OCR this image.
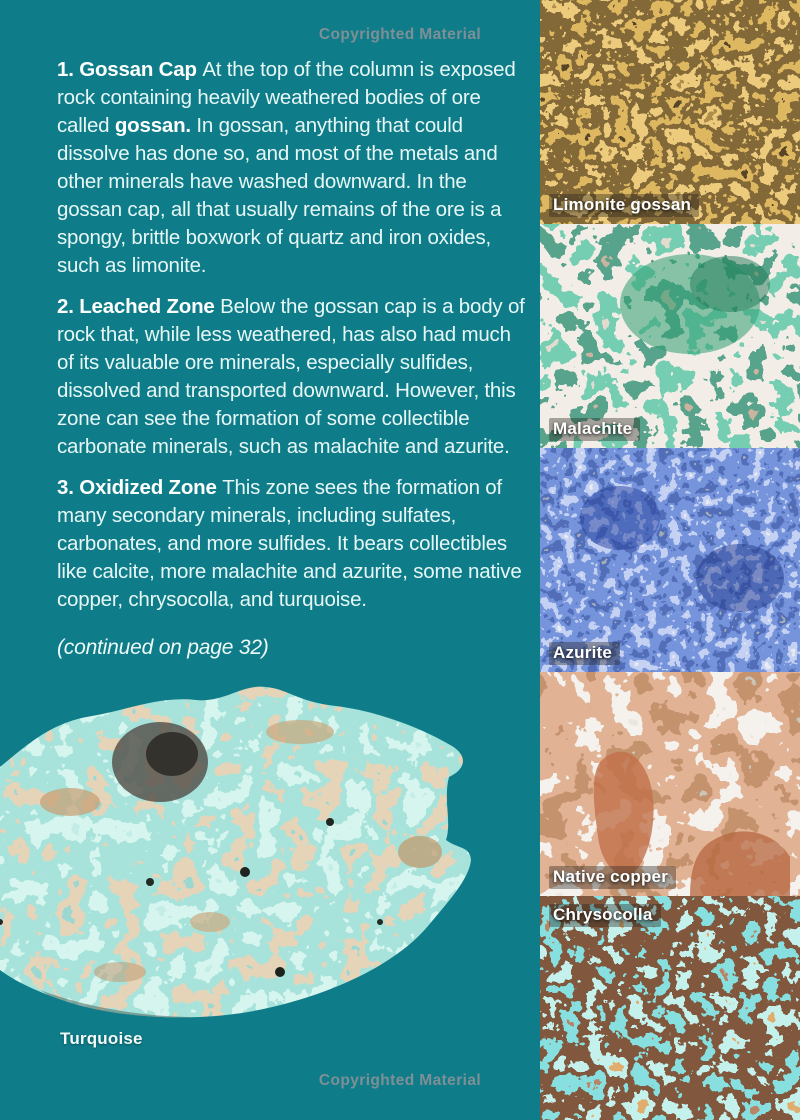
Copyrighted Material

1. Gossan Cap At the top of the column is exposed rock containing heavily weathered bodies of ore called gossan. In gossan, anything that could dissolve has done so, and most of the metals and other minerals have washed downward. In the gossan cap, all that usually remains of the ore is a spongy, brittle boxwork of quartz and iron oxides, such as limonite.

2. Leached Zone Below the gossan cap is a body of rock that, while less weathered, has also had much of its valuable ore minerals, especially sulfides, dissolved and transported downward. However, this zone can see the formation of some collectible carbonate minerals, such as malachite and azurite.

3. Oxidized Zone This zone sees the formation of many secondary minerals, including sulfates, carbonates, and more sulfides. It bears collectibles like calcite, more malachite and azurite, some native copper, chrysocolla, and turquoise.

(continued on page 32)
Turquoise
Limonite gossan
Malachite
Azurite
Native copper
Chrysocolla
Copyrighted Material
